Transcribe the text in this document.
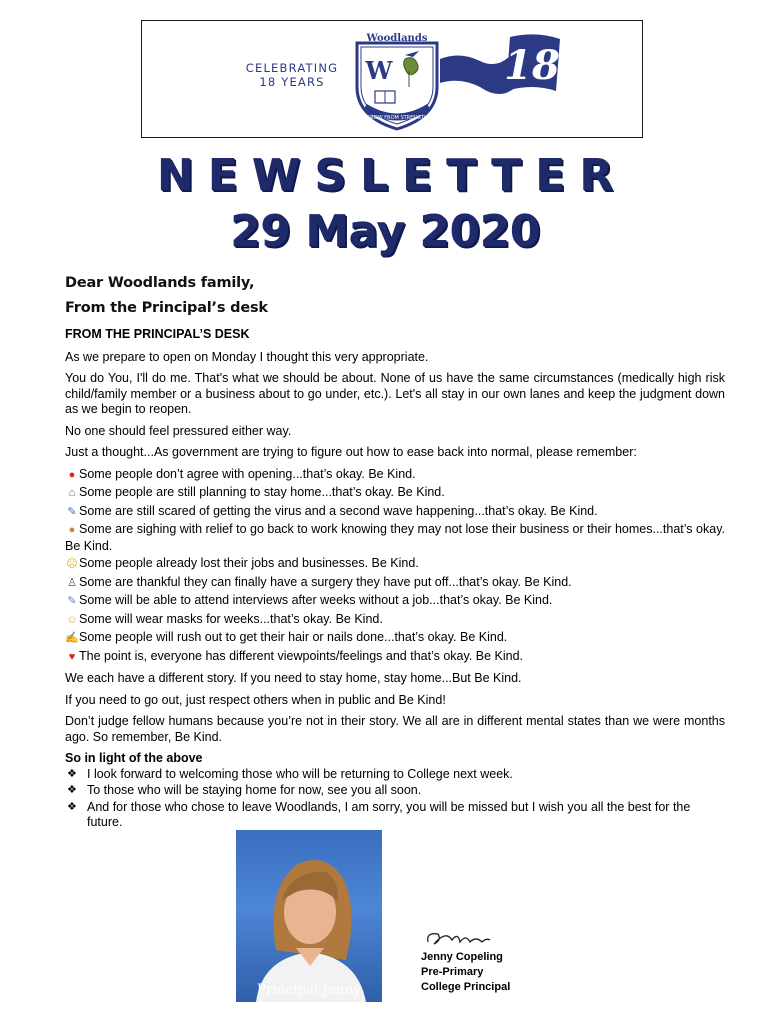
CELEBRATING
18 YEARS
Woodlands
W
GROW FROM STRENGTH
18
NEWSLETTER
29 May 2020
Dear Woodlands family,
From the Principal’s desk

FROM THE PRINCIPAL’S DESK

As we prepare to open on Monday I thought this very appropriate.

You do You, I'll do me. That's what we should be about. None of us have the same circumstances (medically high risk child/family member or a business about to go under, etc.). Let's all stay in our own lanes and keep the judgment down as we begin to reopen.

No one should feel pressured either way.

Just a thought...As government are trying to figure out how to ease back into normal, please remember:

● Some people don’t agree with opening...that’s okay. Be Kind.
⌂ Some people are still planning to stay home...that’s okay. Be Kind.
✎ Some are still scared of getting the virus and a second wave happening...that’s okay. Be Kind.
● Some are sighing with relief to go back to work knowing they may not lose their business or their homes...that’s okay. Be Kind.
☹Some people already lost their jobs and businesses. Be Kind.
♙ Some are thankful they can finally have a surgery they have put off...that’s okay. Be Kind.
✎ Some will be able to attend interviews after weeks without a job...that’s okay. Be Kind.
☺Some will wear masks for weeks...that’s okay. Be Kind.
✍Some people will rush out to get their hair or nails done...that’s okay. Be Kind.
♥ The point is, everyone has different viewpoints/feelings and that’s okay. Be Kind.

We each have a different story. If you need to stay home, stay home...But Be Kind.

If you need to go out, just respect others when in public and Be Kind!

Don’t judge fellow humans because you’re not in their story. We all are in different mental states than we were months ago. So remember, Be Kind.

So in light of the above

❖ I look forward to welcoming those who will be returning to College next week.
❖ To those who will be staying home for now, see you all soon.
❖ And for those who chose to leave Woodlands, I am sorry, you will be missed but I wish you all the best for the future.
Principal Jenny
Jenny Copeling
Pre-Primary
College Principal
